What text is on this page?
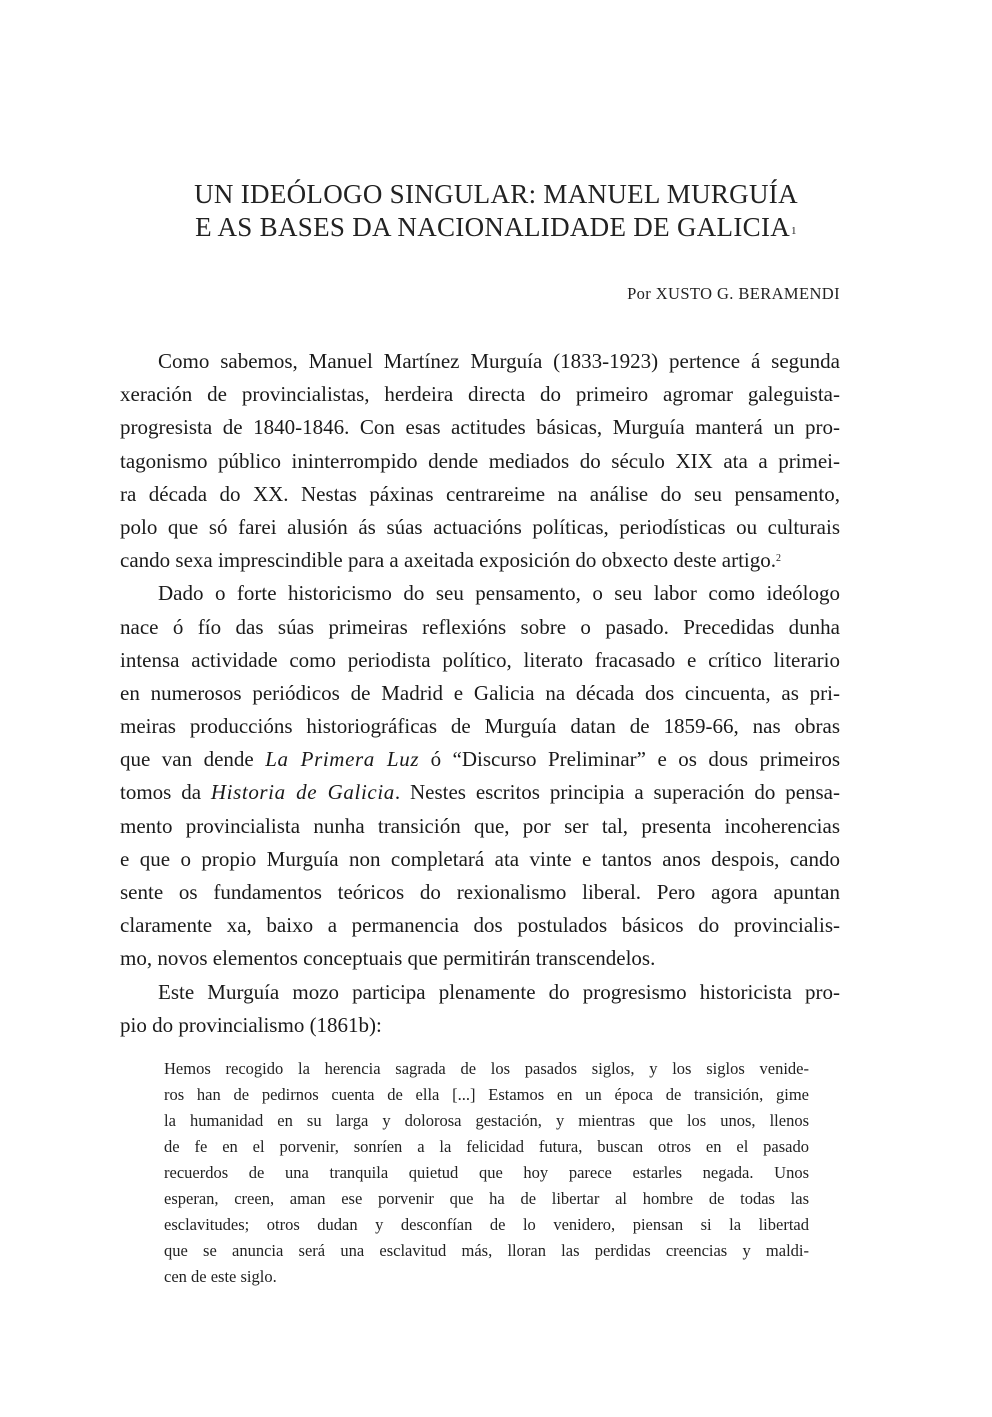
UN IDEÓLOGO SINGULAR: MANUEL MURGUÍA
E AS BASES DA NACIONALIDADE DE GALICIA$^1$
Por XUSTO G. BERAMENDI
Como sabemos, Manuel Martínez Murguía (1833-1923) pertence á segunda
xeración de provincialistas, herdeira directa do primeiro agromar galeguista-
progresista de 1840-1846. Con esas actitudes básicas, Murguía manterá un pro-
tagonismo público ininterrompido dende mediados do século XIX ata a primei-
ra década do XX. Nestas páxinas centrareime na análise do seu pensamento,
polo que só farei alusión ás súas actuacións políticas, periodísticas ou culturais
cando sexa imprescindible para a axeitada exposición do obxecto deste artigo.$^2$
Dado o forte historicismo do seu pensamento, o seu labor como ideólogo
nace ó fío das súas primeiras reflexións sobre o pasado. Precedidas dunha
intensa actividade como periodista político, literato fracasado e crítico literario
en numerosos periódicos de Madrid e Galicia na década dos cincuenta, as pri-
meiras produccións historiográficas de Murguía datan de 1859-66, nas obras
que van dende La Primera Luz ó “Discurso Preliminar” e os dous primeiros
tomos da Historia de Galicia. Nestes escritos principia a superación do pensa-
mento provincialista nunha transición que, por ser tal, presenta incoherencias
e que o propio Murguía non completará ata vinte e tantos anos despois, cando
sente os fundamentos teóricos do rexionalismo liberal. Pero agora apuntan
claramente xa, baixo a permanencia dos postulados básicos do provincialis-
mo, novos elementos conceptuais que permitirán transcendelos.
Este Murguía mozo participa plenamente do progresismo historicista pro-
pio do provincialismo (1861b):
Hemos recogido la herencia sagrada de los pasados siglos, y los siglos venide-
ros han de pedirnos cuenta de ella [...] Estamos en un época de transición, gime
la humanidad en su larga y dolorosa gestación, y mientras que los unos, llenos
de fe en el porvenir, sonríen a la felicidad futura, buscan otros en el pasado
recuerdos de una tranquila quietud que hoy parece estarles negada. Unos
esperan, creen, aman ese porvenir que ha de libertar al hombre de todas las
esclavitudes; otros dudan y desconfían de lo venidero, piensan si la libertad
que se anuncia será una esclavitud más, lloran las perdidas creencias y maldi-
cen de este siglo.
